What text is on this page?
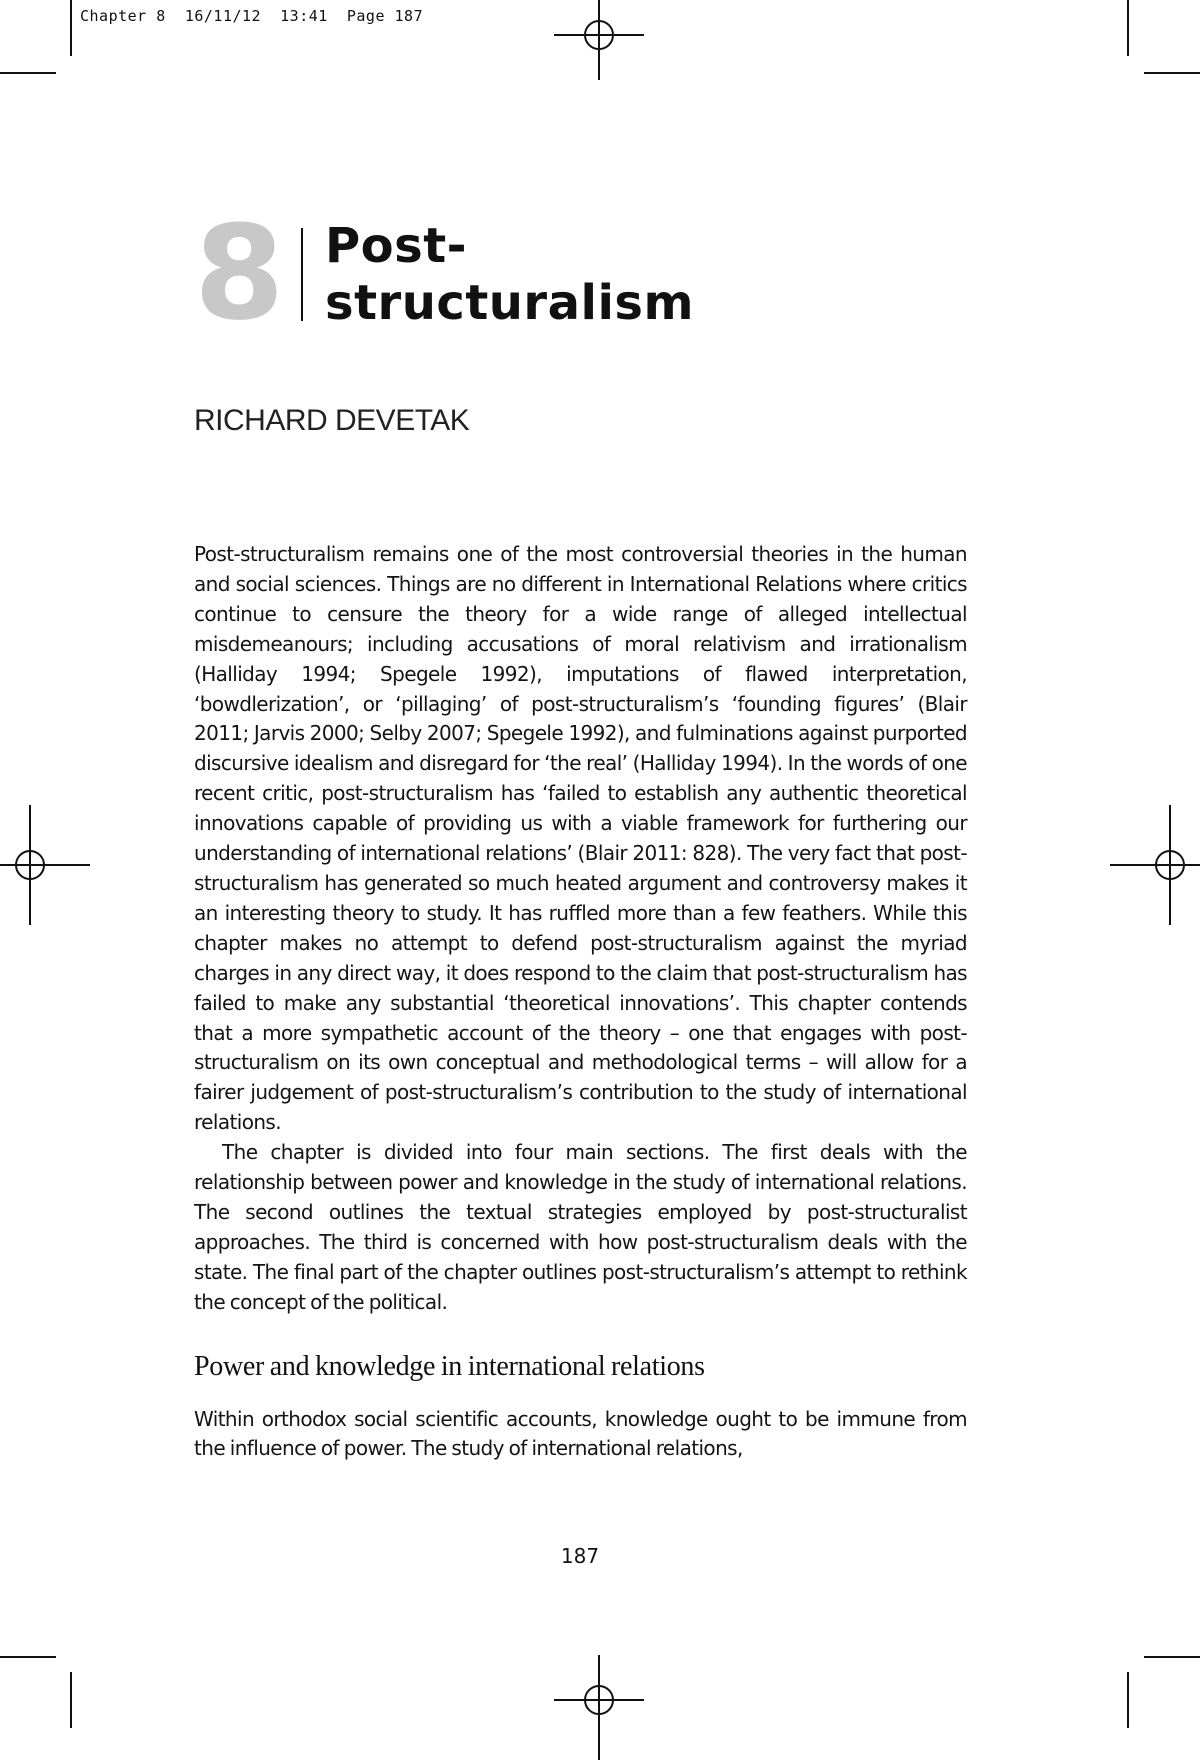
Chapter 8  16/11/12  13:41  Page 187
8 Post-
structuralism

RICHARD DEVETAK

Post-structuralism remains one of the most controversial theories in the human and social sciences. Things are no different in International Relations where critics continue to censure the theory for a wide range of alleged intellectual misdemeanours; including accusations of moral relativism and irrationalism (Halliday 1994; Spegele 1992), imputations of flawed interpretation, ‘bowdlerization’, or ‘pillaging’ of post-structuralism’s ‘founding figures’ (Blair 2011; Jarvis 2000; Selby 2007; Spegele 1992), and fulminations against purported discursive idealism and disregard for ‘the real’ (Halliday 1994). In the words of one recent critic, post-structuralism has ‘failed to establish any authentic theoretical innovations capable of providing us with a viable framework for furthering our understanding of international relations’ (Blair 2011: 828). The very fact that post-structuralism has generated so much heated argument and controversy makes it an interesting theory to study. It has ruffled more than a few feathers. While this chapter makes no attempt to defend post-structuralism against the myriad charges in any direct way, it does respond to the claim that post-structuralism has failed to make any substantial ‘theoretical innovations’. This chapter contends that a more sympathetic account of the theory – one that engages with post-structuralism on its own conceptual and methodological terms – will allow for a fairer judgement of post-structuralism’s contribution to the study of international relations.

The chapter is divided into four main sections. The first deals with the relationship between power and knowledge in the study of international relations. The second outlines the textual strategies employed by post-structuralist approaches. The third is concerned with how post-structuralism deals with the state. The final part of the chapter outlines post-structuralism’s attempt to rethink the concept of the political.

Power and knowledge in international relations

Within orthodox social scientific accounts, knowledge ought to be immune from the influence of power. The study of international relations,

187
